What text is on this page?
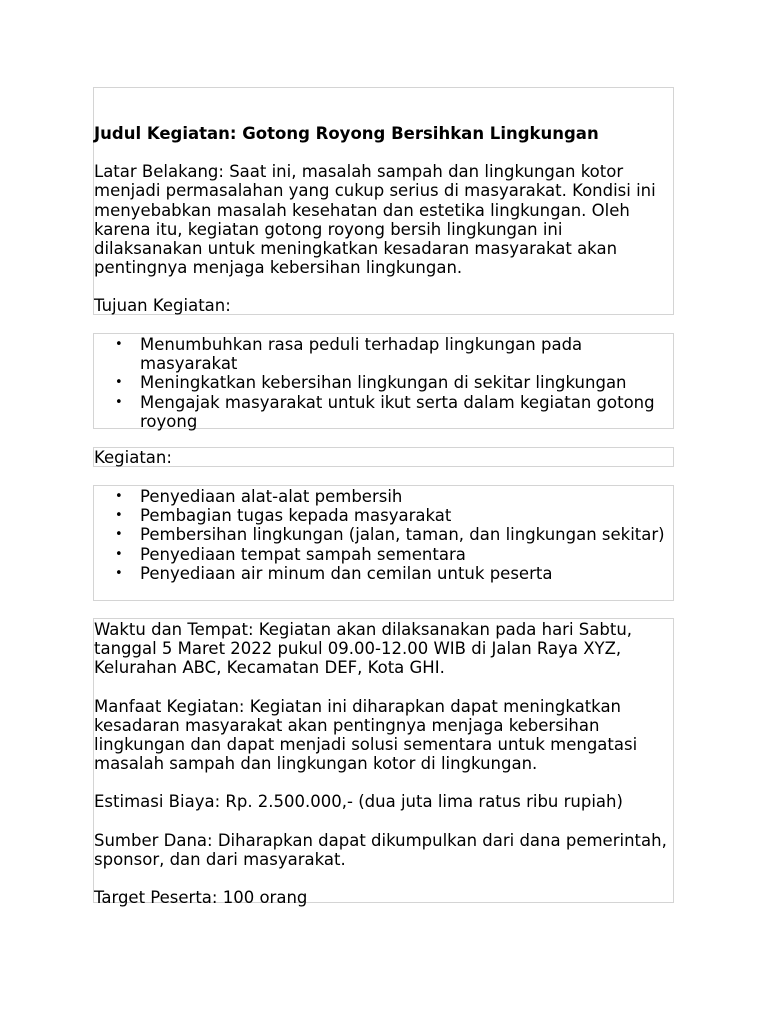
Judul Kegiatan: Gotong Royong Bersihkan Lingkungan

Latar Belakang: Saat ini, masalah sampah dan lingkungan kotor menjadi permasalahan yang cukup serius di masyarakat. Kondisi ini menyebabkan masalah kesehatan dan estetika lingkungan. Oleh karena itu, kegiatan gotong royong bersih lingkungan ini dilaksanakan untuk meningkatkan kesadaran masyarakat akan pentingnya menjaga kebersihan lingkungan.

Tujuan Kegiatan:

• Menumbuhkan rasa peduli terhadap lingkungan pada masyarakat
• Meningkatkan kebersihan lingkungan di sekitar lingkungan
• Mengajak masyarakat untuk ikut serta dalam kegiatan gotong royong

Kegiatan:

• Penyediaan alat-alat pembersih
• Pembagian tugas kepada masyarakat
• Pembersihan lingkungan (jalan, taman, dan lingkungan sekitar)
• Penyediaan tempat sampah sementara
• Penyediaan air minum dan cemilan untuk peserta

Waktu dan Tempat: Kegiatan akan dilaksanakan pada hari Sabtu, tanggal 5 Maret 2022 pukul 09.00-12.00 WIB di Jalan Raya XYZ, Kelurahan ABC, Kecamatan DEF, Kota GHI.

Manfaat Kegiatan: Kegiatan ini diharapkan dapat meningkatkan kesadaran masyarakat akan pentingnya menjaga kebersihan lingkungan dan dapat menjadi solusi sementara untuk mengatasi masalah sampah dan lingkungan kotor di lingkungan.

Estimasi Biaya: Rp. 2.500.000,- (dua juta lima ratus ribu rupiah)

Sumber Dana: Diharapkan dapat dikumpulkan dari dana pemerintah, sponsor, dan dari masyarakat.

Target Peserta: 100 orang
